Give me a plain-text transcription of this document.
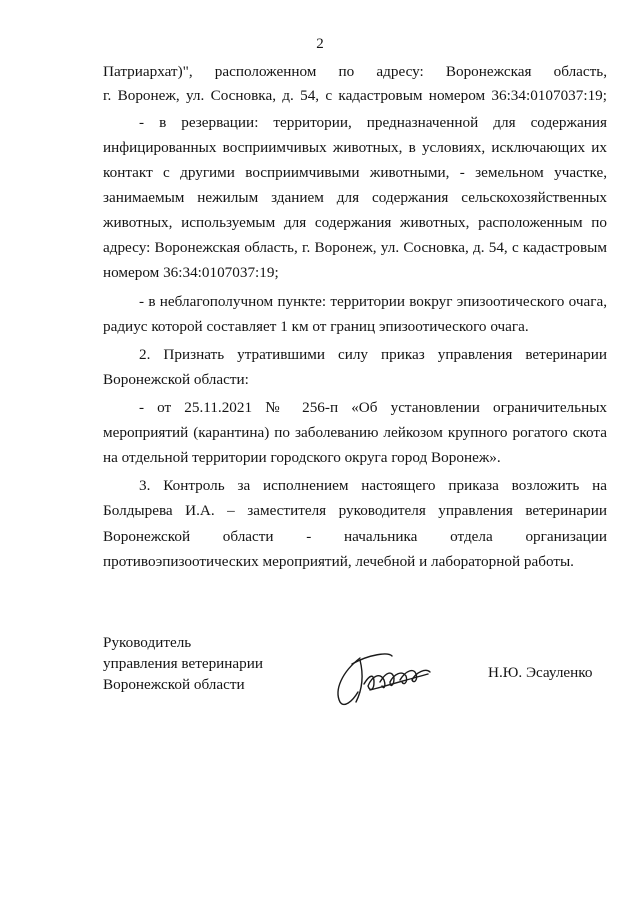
2
Патриархат)", расположенном по адресу: Воронежская область,
г. Воронеж, ул. Сосновка, д. 54, с кадастровым номером 36:34:0107037:19;
- в резервации: территории, предназначенной для содержания
инфицированных восприимчивых животных, в условиях, исключающих их
контакт с другими восприимчивыми животными, - земельном участке,
занимаемым нежилым зданием для содержания сельскохозяйственных
животных, используемым для содержания животных, расположенным по
адресу: Воронежская область, г. Воронеж, ул. Сосновка, д. 54, с кадастровым
номером 36:34:0107037:19;
- в неблагополучном пункте: территории вокруг эпизоотического очага,
радиус которой составляет 1 км от границ эпизоотического очага.
2. Признать утратившими силу приказ управления ветеринарии
Воронежской области:
- от 25.11.2021 № 256-п «Об установлении ограничительных
мероприятий (карантина) по заболеванию лейкозом крупного рогатого скота
на отдельной территории городского округа город Воронеж».
3. Контроль за исполнением настоящего приказа возложить на
Болдырева И.А. – заместителя руководителя управления ветеринарии
Воронежской области - начальника отдела организации
противоэпизоотических мероприятий, лечебной и лабораторной работы.
Руководитель
управления ветеринарии
Воронежской области
Н.Ю. Эсауленко
